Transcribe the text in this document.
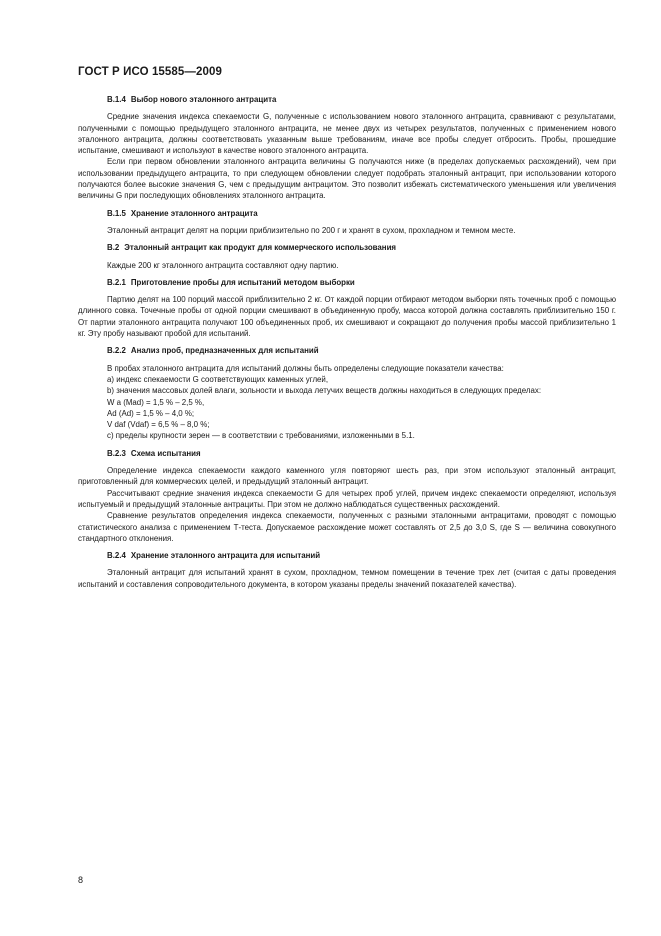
ГОСТ Р ИСО 15585—2009

В.1.4 Выбор нового эталонного антрацита

Средние значения индекса спекаемости G, полученные с использованием нового эталонного антрацита, сравнивают с результатами, полученными с помощью предыдущего эталонного антрацита, не менее двух из четырех результатов, полученных с применением нового эталонного антрацита, должны соответствовать указанным выше требованиям, иначе все пробы следует отбросить. Пробы, прошедшие испытание, смешивают и используют в качестве нового эталонного антрацита.

Если при первом обновлении эталонного антрацита величины G получаются ниже (в пределах допускаемых расхождений), чем при использовании предыдущего антрацита, то при следующем обновлении следует подобрать эталонный антрацит, при использовании которого получаются более высокие значения G, чем с предыдущим антрацитом. Это позволит избежать систематического уменьшения или увеличения величины G при последующих обновлениях эталонного антрацита.

В.1.5 Хранение эталонного антрацита

Эталонный антрацит делят на порции приблизительно по 200 г и хранят в сухом, прохладном и темном месте.

В.2 Эталонный антрацит как продукт для коммерческого использования

Каждые 200 кг эталонного антрацита составляют одну партию.

В.2.1 Приготовление пробы для испытаний методом выборки

Партию делят на 100 порций массой приблизительно 2 кг. От каждой порции отбирают методом выборки пять точечных проб с помощью длинного совка. Точечные пробы от одной порции смешивают в объединенную пробу, масса которой должна составлять приблизительно 150 г. От партии эталонного антрацита получают 100 объединенных проб, их смешивают и сокращают до получения пробы массой приблизительно 1 кг. Эту пробу называют пробой для испытаний.

В.2.2 Анализ проб, предназначенных для испытаний

В пробах эталонного антрацита для испытаний должны быть определены следующие показатели качества:

a) индекс спекаемости G соответствующих каменных углей,

b) значения массовых долей влаги, зольности и выхода летучих веществ должны находиться в следующих пределах:

W a (Mad) = 1,5 % – 2,5 %,
Ad (Ad) = 1,5 % – 4,0 %;
V daf (Vdaf) = 6,5 % – 8,0 %;

c) пределы крупности зерен — в соответствии с требованиями, изложенными в 5.1.

В.2.3 Схема испытания

Определение индекса спекаемости каждого каменного угля повторяют шесть раз, при этом используют эталонный антрацит, приготовленный для коммерческих целей, и предыдущий эталонный антрацит.

Рассчитывают средние значения индекса спекаемости G для четырех проб углей, причем индекс спекаемости определяют, используя испытуемый и предыдущий эталонные антрациты. При этом не должно наблюдаться существенных расхождений.

Сравнение результатов определения индекса спекаемости, полученных с разными эталонными антрацитами, проводят с помощью статистического анализа с применением Т-теста. Допускаемое расхождение может составлять от 2,5 до 3,0 S, где S — величина совокупного стандартного отклонения.

В.2.4 Хранение эталонного антрацита для испытаний

Эталонный антрацит для испытаний хранят в сухом, прохладном, темном помещении в течение трех лет (считая с даты проведения испытаний и составления сопроводительного документа, в котором указаны пределы значений показателей качества).

8
